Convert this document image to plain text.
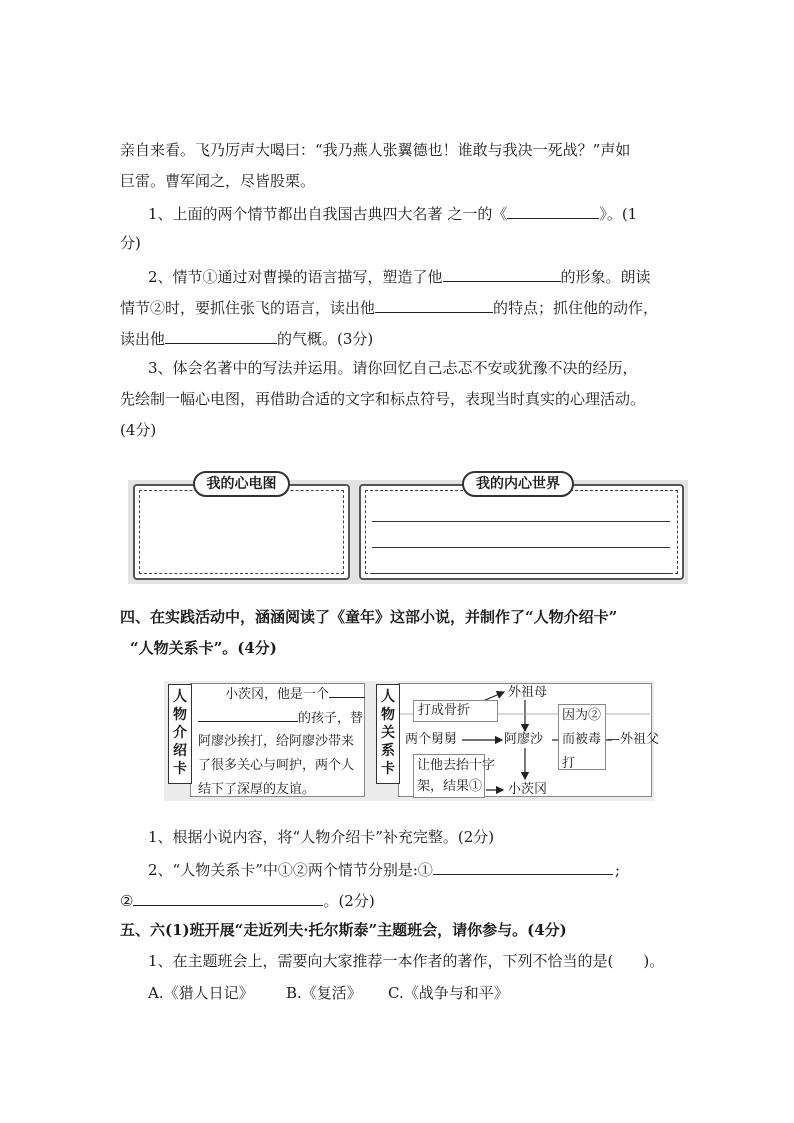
亲自来看。飞乃厉声大喝曰：“我乃燕人张翼德也！谁敢与我决一死战？”声如
巨雷。曹军闻之，尽皆股栗。
1、上面的两个情节都出自我国古典四大名著 之一的《	》。(1
分)
2、情节①通过对曹操的语言描写，塑造了他	的形象。朗读
情节②时，要抓住张飞的语言，读出他	的特点；抓住他的动作，
读出他	的气概。(3分)
3、体会名著中的写法并运用。请你回忆自己忐忑不安或犹豫不决的经历，
先绘制一幅心电图，再借助合适的文字和标点符号，表现当时真实的心理活动。
(4分)
我的心电图	我的内心世界
四、在实践活动中，涵涵阅读了《童年》这部小说，并制作了“人物介绍卡”
“人物关系卡”。(4分)
人
物
介
绍
卡
小茨冈，他是一个
的孩子，替
阿廖沙挨打，给阿廖沙带来
了很多关心与呵护，两个人
结下了深厚的友谊。
人
物
关
系
卡
外祖母
打成骨折
两个舅舅	阿廖沙
因为②
而被毒
打
—外祖父
让他去抬十字
架，结果① 小茨冈
1、根据小说内容，将“人物介绍卡”补充完整。(2分)
2、“人物关系卡”中①②两个情节分别是:①	;
②	。(2分)
五、六(1)班开展“走近列夫·托尔斯泰”主题班会，请你参与。(4分)
1、在主题班会上，需要向大家推荐一本作者的著作，下列不恰当的是(　　)。
A.《猎人日记》 B.《复活》 C.《战争与和平》
